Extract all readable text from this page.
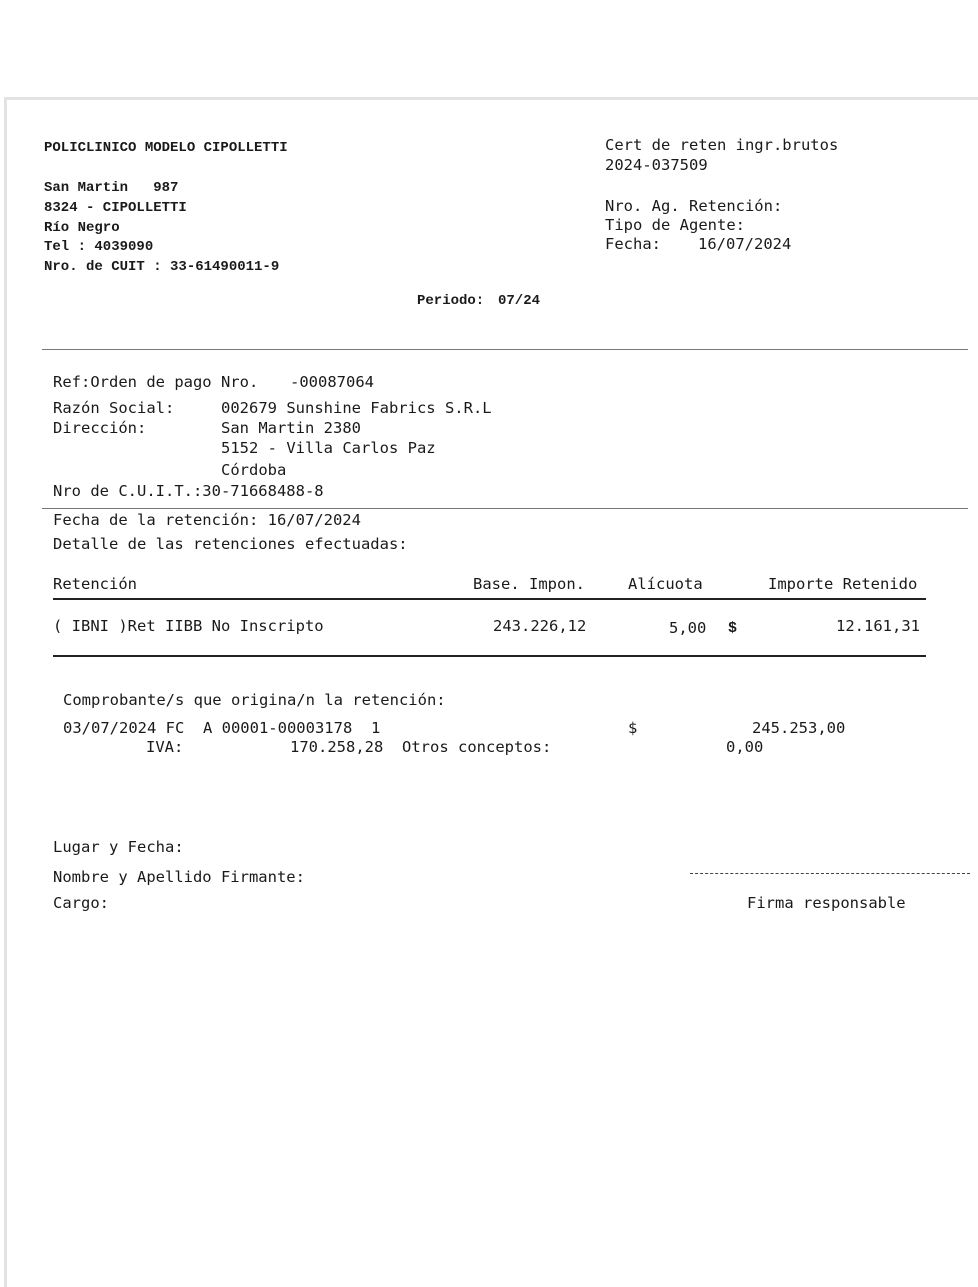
POLICLINICO MODELO CIPOLLETTI
San Martin   987
8324 - CIPOLLETTI
Río Negro
Tel : 4039090
Nro. de CUIT : 33-61490011-9
Cert de reten ingr.brutos
2024-037509
Nro. Ag. Retención:
Tipo de Agente:
Fecha: 16/07/2024
Periodo: 07/24
Ref:Orden de pago Nro. -00087064
Razón Social:	002679 Sunshine Fabrics S.R.L
Dirección:	San Martin 2380
5152 - Villa Carlos Paz
Córdoba
Nro de C.U.I.T.:30-71668488-8
Fecha de la retención: 16/07/2024
Detalle de las retenciones efectuadas:
Retención	Base. Impon.	Alícuota	Importe Retenido
( IBNI )Ret IIBB No Inscripto	243.226,12	5,00 $	12.161,31
Comprobante/s que origina/n la retención:
03/07/2024 FC  A 00001-00003178  1	$	245.253,00
IVA:	170.258,28 Otros conceptos:	0,00
Lugar y Fecha:
Nombre y Apellido Firmante:
Cargo:	Firma responsable
